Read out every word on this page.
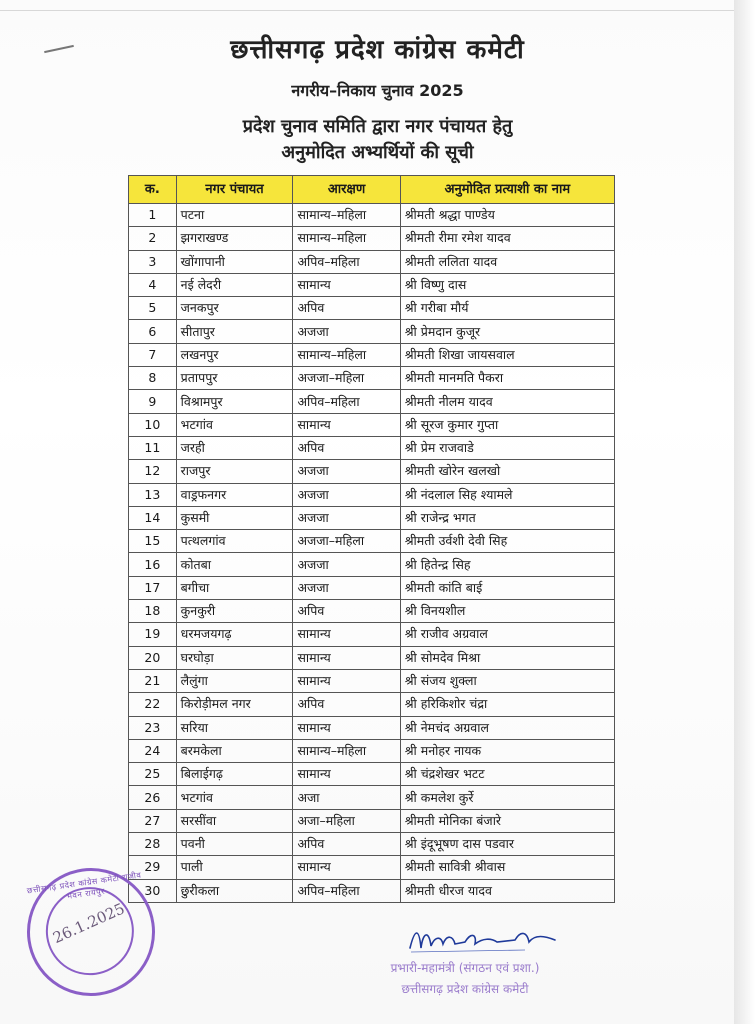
छत्तीसगढ़ प्रदेश कांग्रेस कमेटी
नगरीय–निकाय चुनाव 2025
प्रदेश चुनाव समिति द्वारा नगर पंचायत हेतु
अनुमोदित अभ्यर्थियों की सूची
क.	नगर पंचायत	आरक्षण	अनुमोदित प्रत्याशी का नाम
1	पटना	सामान्य–महिला	श्रीमती श्रद्धा पाण्डेय
2	झगराखण्ड	सामान्य–महिला	श्रीमती रीमा रमेश यादव
3	खोंगापानी	अपिव–महिला	श्रीमती ललिता यादव
4	नई लेदरी	सामान्य	श्री विष्णु दास
5	जनकपुर	अपिव	श्री गरीबा मौर्य
6	सीतापुर	अजजा	श्री प्रेमदान कुजूर
7	लखनपुर	सामान्य–महिला	श्रीमती शिखा जायसवाल
8	प्रतापपुर	अजजा–महिला	श्रीमती मानमति पैकरा
9	विश्रामपुर	अपिव–महिला	श्रीमती नीलम यादव
10	भटगांव	सामान्य	श्री सूरज कुमार गुप्ता
11	जरही	अपिव	श्री प्रेम राजवाडे
12	राजपुर	अजजा	श्रीमती खोरेन खलखो
13	वाड्रफनगर	अजजा	श्री नंदलाल सिह श्यामले
14	कुसमी	अजजा	श्री राजेन्द्र भगत
15	पत्थलगांव	अजजा–महिला	श्रीमती उर्वशी देवी सिह
16	कोतबा	अजजा	श्री हितेन्द्र सिह
17	बगीचा	अजजा	श्रीमती कांति बाई
18	कुनकुरी	अपिव	श्री विनयशील
19	धरमजयगढ़	सामान्य	श्री राजीव अग्रवाल
20	घरघोड़ा	सामान्य	श्री सोमदेव मिश्रा
21	लैलुंगा	सामान्य	श्री संजय शुक्ला
22	किरोड़ीमल नगर	अपिव	श्री हरिकिशोर चंद्रा
23	सरिया	सामान्य	श्री नेमचंद अग्रवाल
24	बरमकेला	सामान्य–महिला	श्री मनोहर नायक
25	बिलाईगढ़	सामान्य	श्री चंद्रशेखर भटट
26	भटगांव	अजा	श्री कमलेश कुर्रे
27	सरसींवा	अजा–महिला	श्रीमती मोनिका बंजारे
28	पवनी	अपिव	श्री इंदूभूषण दास पडवार
29	पाली	सामान्य	श्रीमती सावित्री श्रीवास
30	छुरीकला	अपिव–महिला	श्रीमती धीरज यादव
छत्तीसगढ़ प्रदेश कांग्रेस कमेटी राजीव भवन रायपुर
26.1.2025
प्रभारी-महामंत्री (संगठन एवं प्रशा.)
छत्तीसगढ़ प्रदेश कांग्रेस कमेटी
